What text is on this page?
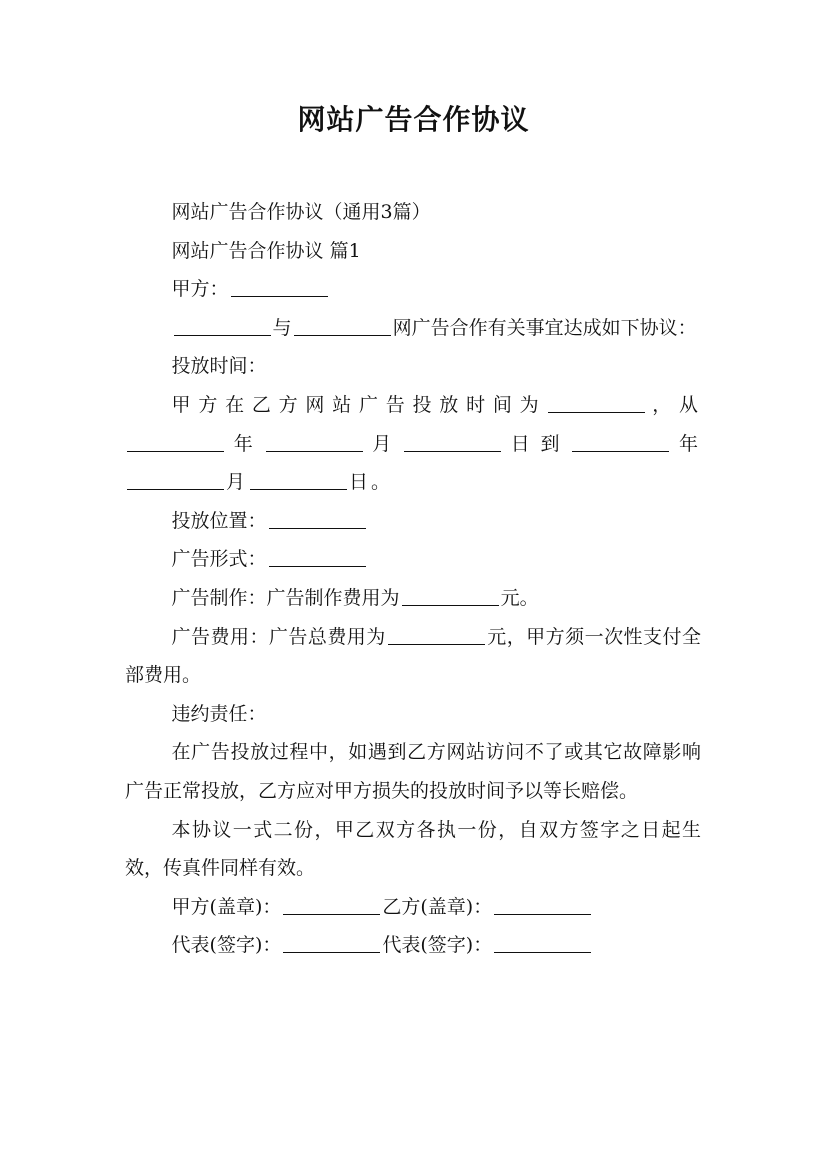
网站广告合作协议

网站广告合作协议（通用3篇）

网站广告合作协议 篇1

甲方：

与	网广告合作有关事宜达成如下协议：

投放时间：

甲方在乙方网站广告投放时间为	，从年	月	日到	年月	日。

投放位置：

广告形式：

广告制作：广告制作费用为	元。

广告费用：广告总费用为	元，甲方须一次性支付全部费用。

违约责任：

在广告投放过程中，如遇到乙方网站访问不了或其它故障影响广告正常投放，乙方应对甲方损失的投放时间予以等长赔偿。

本协议一式二份，甲乙双方各执一份，自双方签字之日起生效，传真件同样有效。

甲方(盖章)：	乙方(盖章)：

代表(签字)：	代表(签字)：
